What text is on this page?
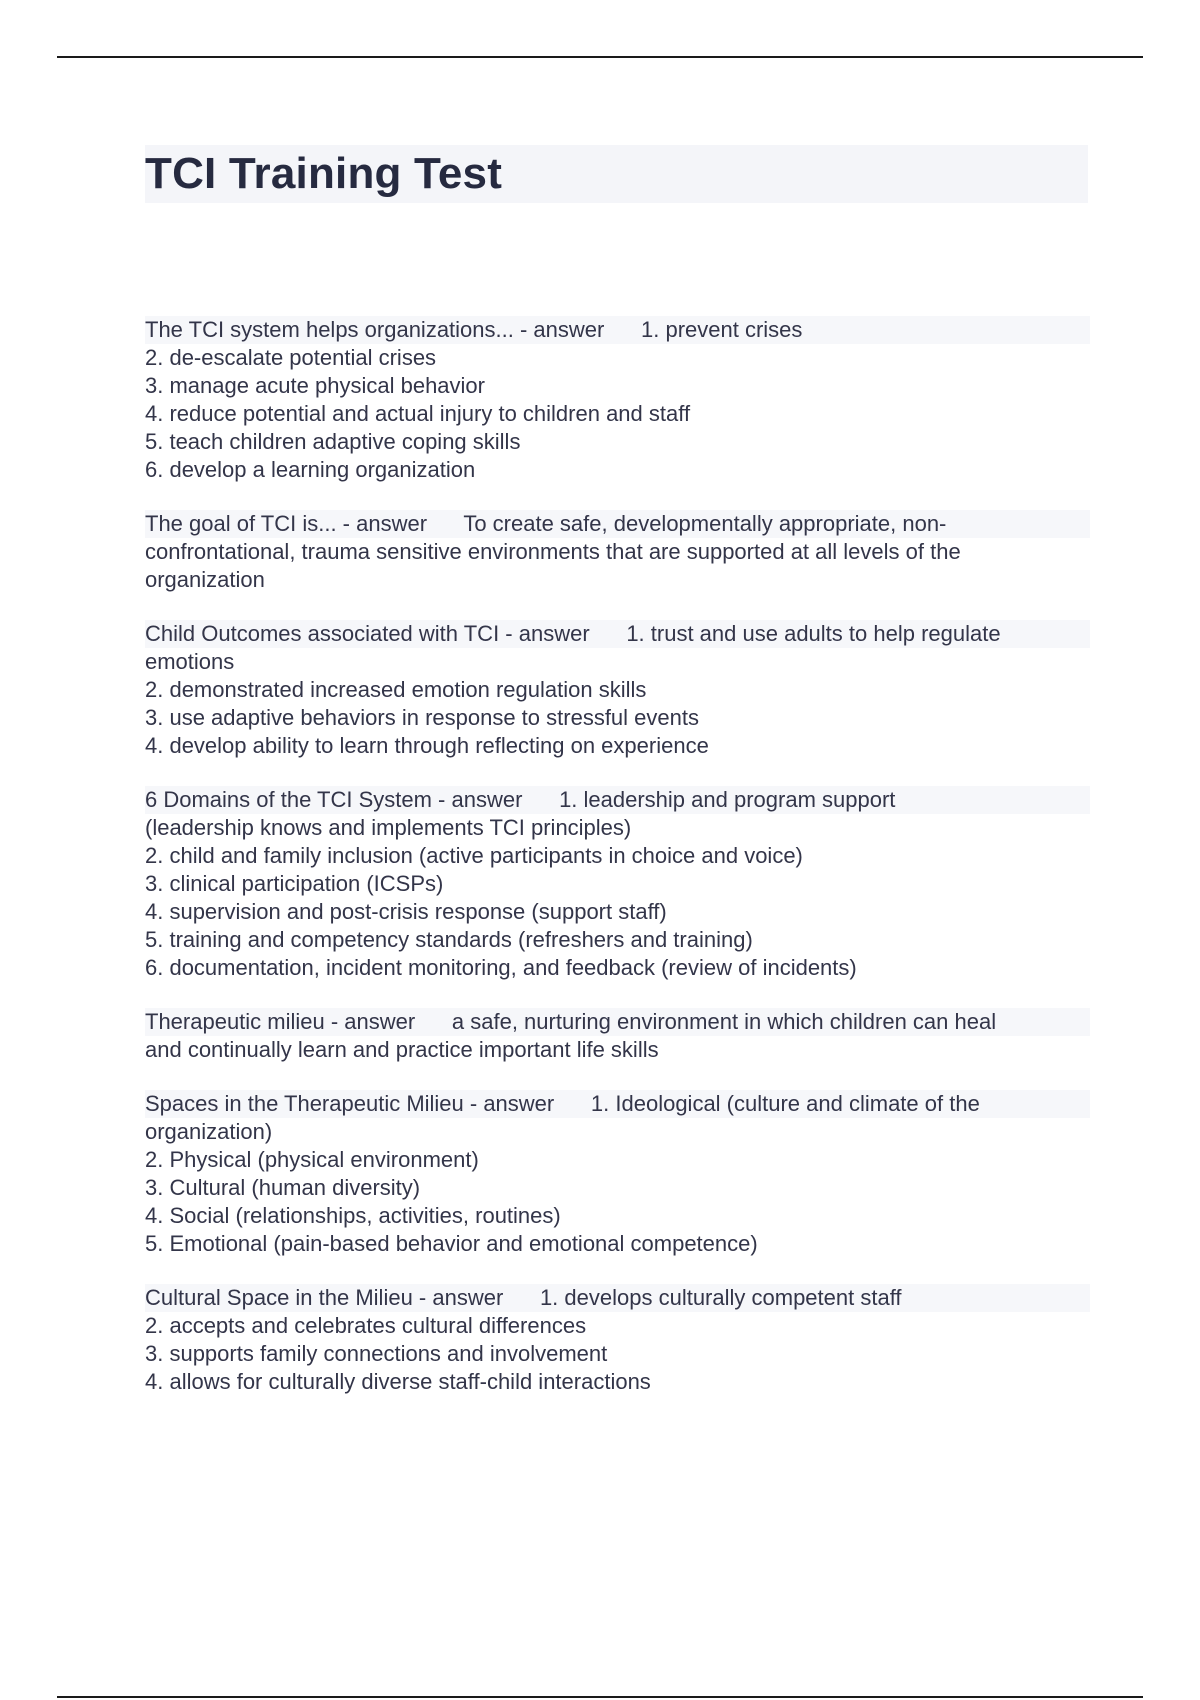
TCI Training Test
The TCI system helps organizations... - answer      1. prevent crises
2. de-escalate potential crises
3. manage acute physical behavior
4. reduce potential and actual injury to children and staff
5. teach children adaptive coping skills
6. develop a learning organization
The goal of TCI is... - answer      To create safe, developmentally appropriate, non-
confrontational, trauma sensitive environments that are supported at all levels of the
organization
Child Outcomes associated with TCI - answer      1. trust and use adults to help regulate
emotions
2. demonstrated increased emotion regulation skills
3. use adaptive behaviors in response to stressful events
4. develop ability to learn through reflecting on experience
6 Domains of the TCI System - answer      1. leadership and program support
(leadership knows and implements TCI principles)
2. child and family inclusion (active participants in choice and voice)
3. clinical participation (ICSPs)
4. supervision and post-crisis response (support staff)
5. training and competency standards (refreshers and training)
6. documentation, incident monitoring, and feedback (review of incidents)
Therapeutic milieu - answer      a safe, nurturing environment in which children can heal
and continually learn and practice important life skills
Spaces in the Therapeutic Milieu - answer      1. Ideological (culture and climate of the
organization)
2. Physical (physical environment)
3. Cultural (human diversity)
4. Social (relationships, activities, routines)
5. Emotional (pain-based behavior and emotional competence)
Cultural Space in the Milieu - answer      1. develops culturally competent staff
2. accepts and celebrates cultural differences
3. supports family connections and involvement
4. allows for culturally diverse staff-child interactions
